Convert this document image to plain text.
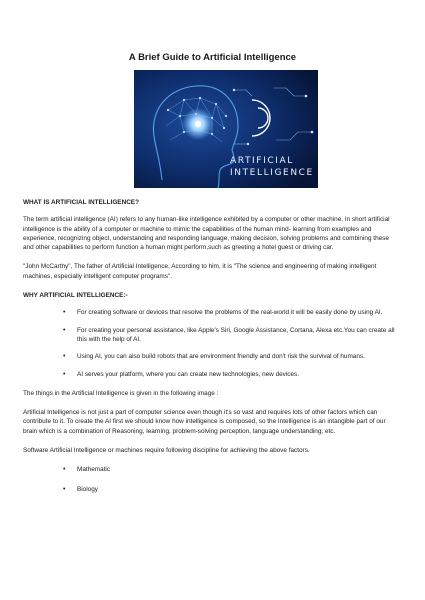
A Brief Guide to Artificial Intelligence
ARTIFICIAL
INTELLIGENCE
WHAT IS ARTIFICIAL INTELLIGENCE?

The term artificial intelligence (AI) refers to any human-like intelligence exhibited by a computer or other machine. In short artificial intelligence is the ability of a computer or machine to mimic the capabilities of the human mind- learning from examples and experience, recognizing object, understanding and responding language, making decision, solving problems and combining these and other capabilities to perform function a human might perform,such as greeting a hotel guest or driving car.

"John McCarthy", The father of Artificial Intelligence, According to him, it is "The science and engineering of making intelligent machines, especially intelligent computer programs".

WHY ARTIFICIAL INTELLIGENCE:-
• For creating software or devices that resolve the problems of the real-world it will be easily done by using AI.
• For creating your personal assistance, like Apple's Siri, Google Assistance, Cortana, Alexa etc.You can create all this with the help of AI.
• Using AI, you can also build robots that are environment friendly and don't risk the survival of humans.
• AI serves your platform, where you can create new technologies, new devices.

The things in the Artificial Intelligence is given in the following image :

Artificial Intelligence is not just a part of computer science even though it's so vast and requires lots of other factors which can contribute to it. To create the AI first we should know how intelligence is composed, so the Intelligence is an intangible part of our brain which is a combination of Reasoning, learning, problem-solving perception, language understanding, etc.

Software Artificial Intelligence or machines require following discipline for achieving the above factors.

• Mathematic
• Biology
